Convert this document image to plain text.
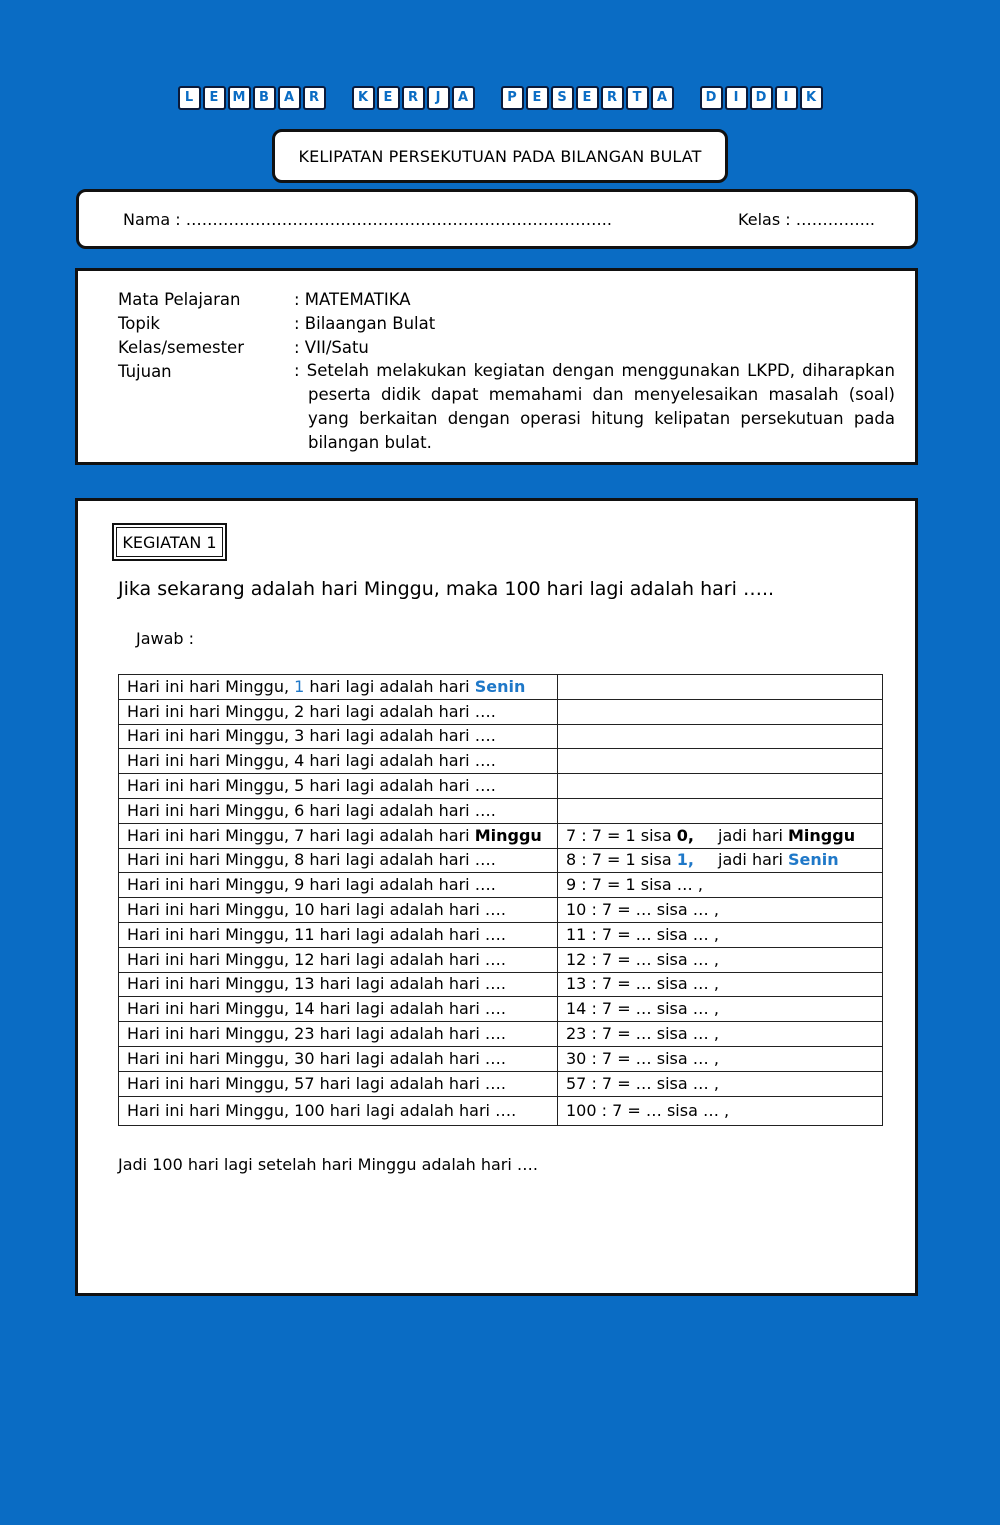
L E M B A R	K E R J A	P E S E R T A	D I D I K
KELIPATAN PERSEKUTUAN PADA BILANGAN BULAT
Nama : ……………………………………………………………………..	Kelas : …………...
Mata Pelajaran	: MATEMATIKA
Topik	: Bilaangan Bulat
Kelas/semester	: VII/Satu
Tujuan	: Setelah melakukan kegiatan dengan menggunakan LKPD, diharapkan peserta didik dapat memahami dan menyelesaikan masalah (soal) yang berkaitan dengan operasi hitung kelipatan persekutuan pada bilangan bulat.
KEGIATAN 1
Jika sekarang adalah hari Minggu, maka 100 hari lagi adalah hari …..
Jawab :
Hari ini hari Minggu, 1 hari lagi adalah hari Senin	
Hari ini hari Minggu, 2 hari lagi adalah hari ….	
Hari ini hari Minggu, 3 hari lagi adalah hari ….	
Hari ini hari Minggu, 4 hari lagi adalah hari ….	
Hari ini hari Minggu, 5 hari lagi adalah hari ….	
Hari ini hari Minggu, 6 hari lagi adalah hari ….	
Hari ini hari Minggu, 7 hari lagi adalah hari Minggu	7 : 7 = 1 sisa 0, jadi hari Minggu
Hari ini hari Minggu, 8 hari lagi adalah hari ….	8 : 7 = 1 sisa 1, jadi hari Senin
Hari ini hari Minggu, 9 hari lagi adalah hari ….	9 : 7 = 1 sisa … ,
Hari ini hari Minggu, 10 hari lagi adalah hari ….	10 : 7 = … sisa … ,
Hari ini hari Minggu, 11 hari lagi adalah hari ….	11 : 7 = … sisa … ,
Hari ini hari Minggu, 12 hari lagi adalah hari ….	12 : 7 = … sisa … ,
Hari ini hari Minggu, 13 hari lagi adalah hari ….	13 : 7 = … sisa … ,
Hari ini hari Minggu, 14 hari lagi adalah hari ….	14 : 7 = … sisa … ,
Hari ini hari Minggu, 23 hari lagi adalah hari ….	23 : 7 = … sisa … ,
Hari ini hari Minggu, 30 hari lagi adalah hari ….	30 : 7 = … sisa … ,
Hari ini hari Minggu, 57 hari lagi adalah hari ….	57 : 7 = … sisa … ,
Hari ini hari Minggu, 100 hari lagi adalah hari ….	100 : 7 = … sisa … ,
Jadi 100 hari lagi setelah hari Minggu adalah hari ….
